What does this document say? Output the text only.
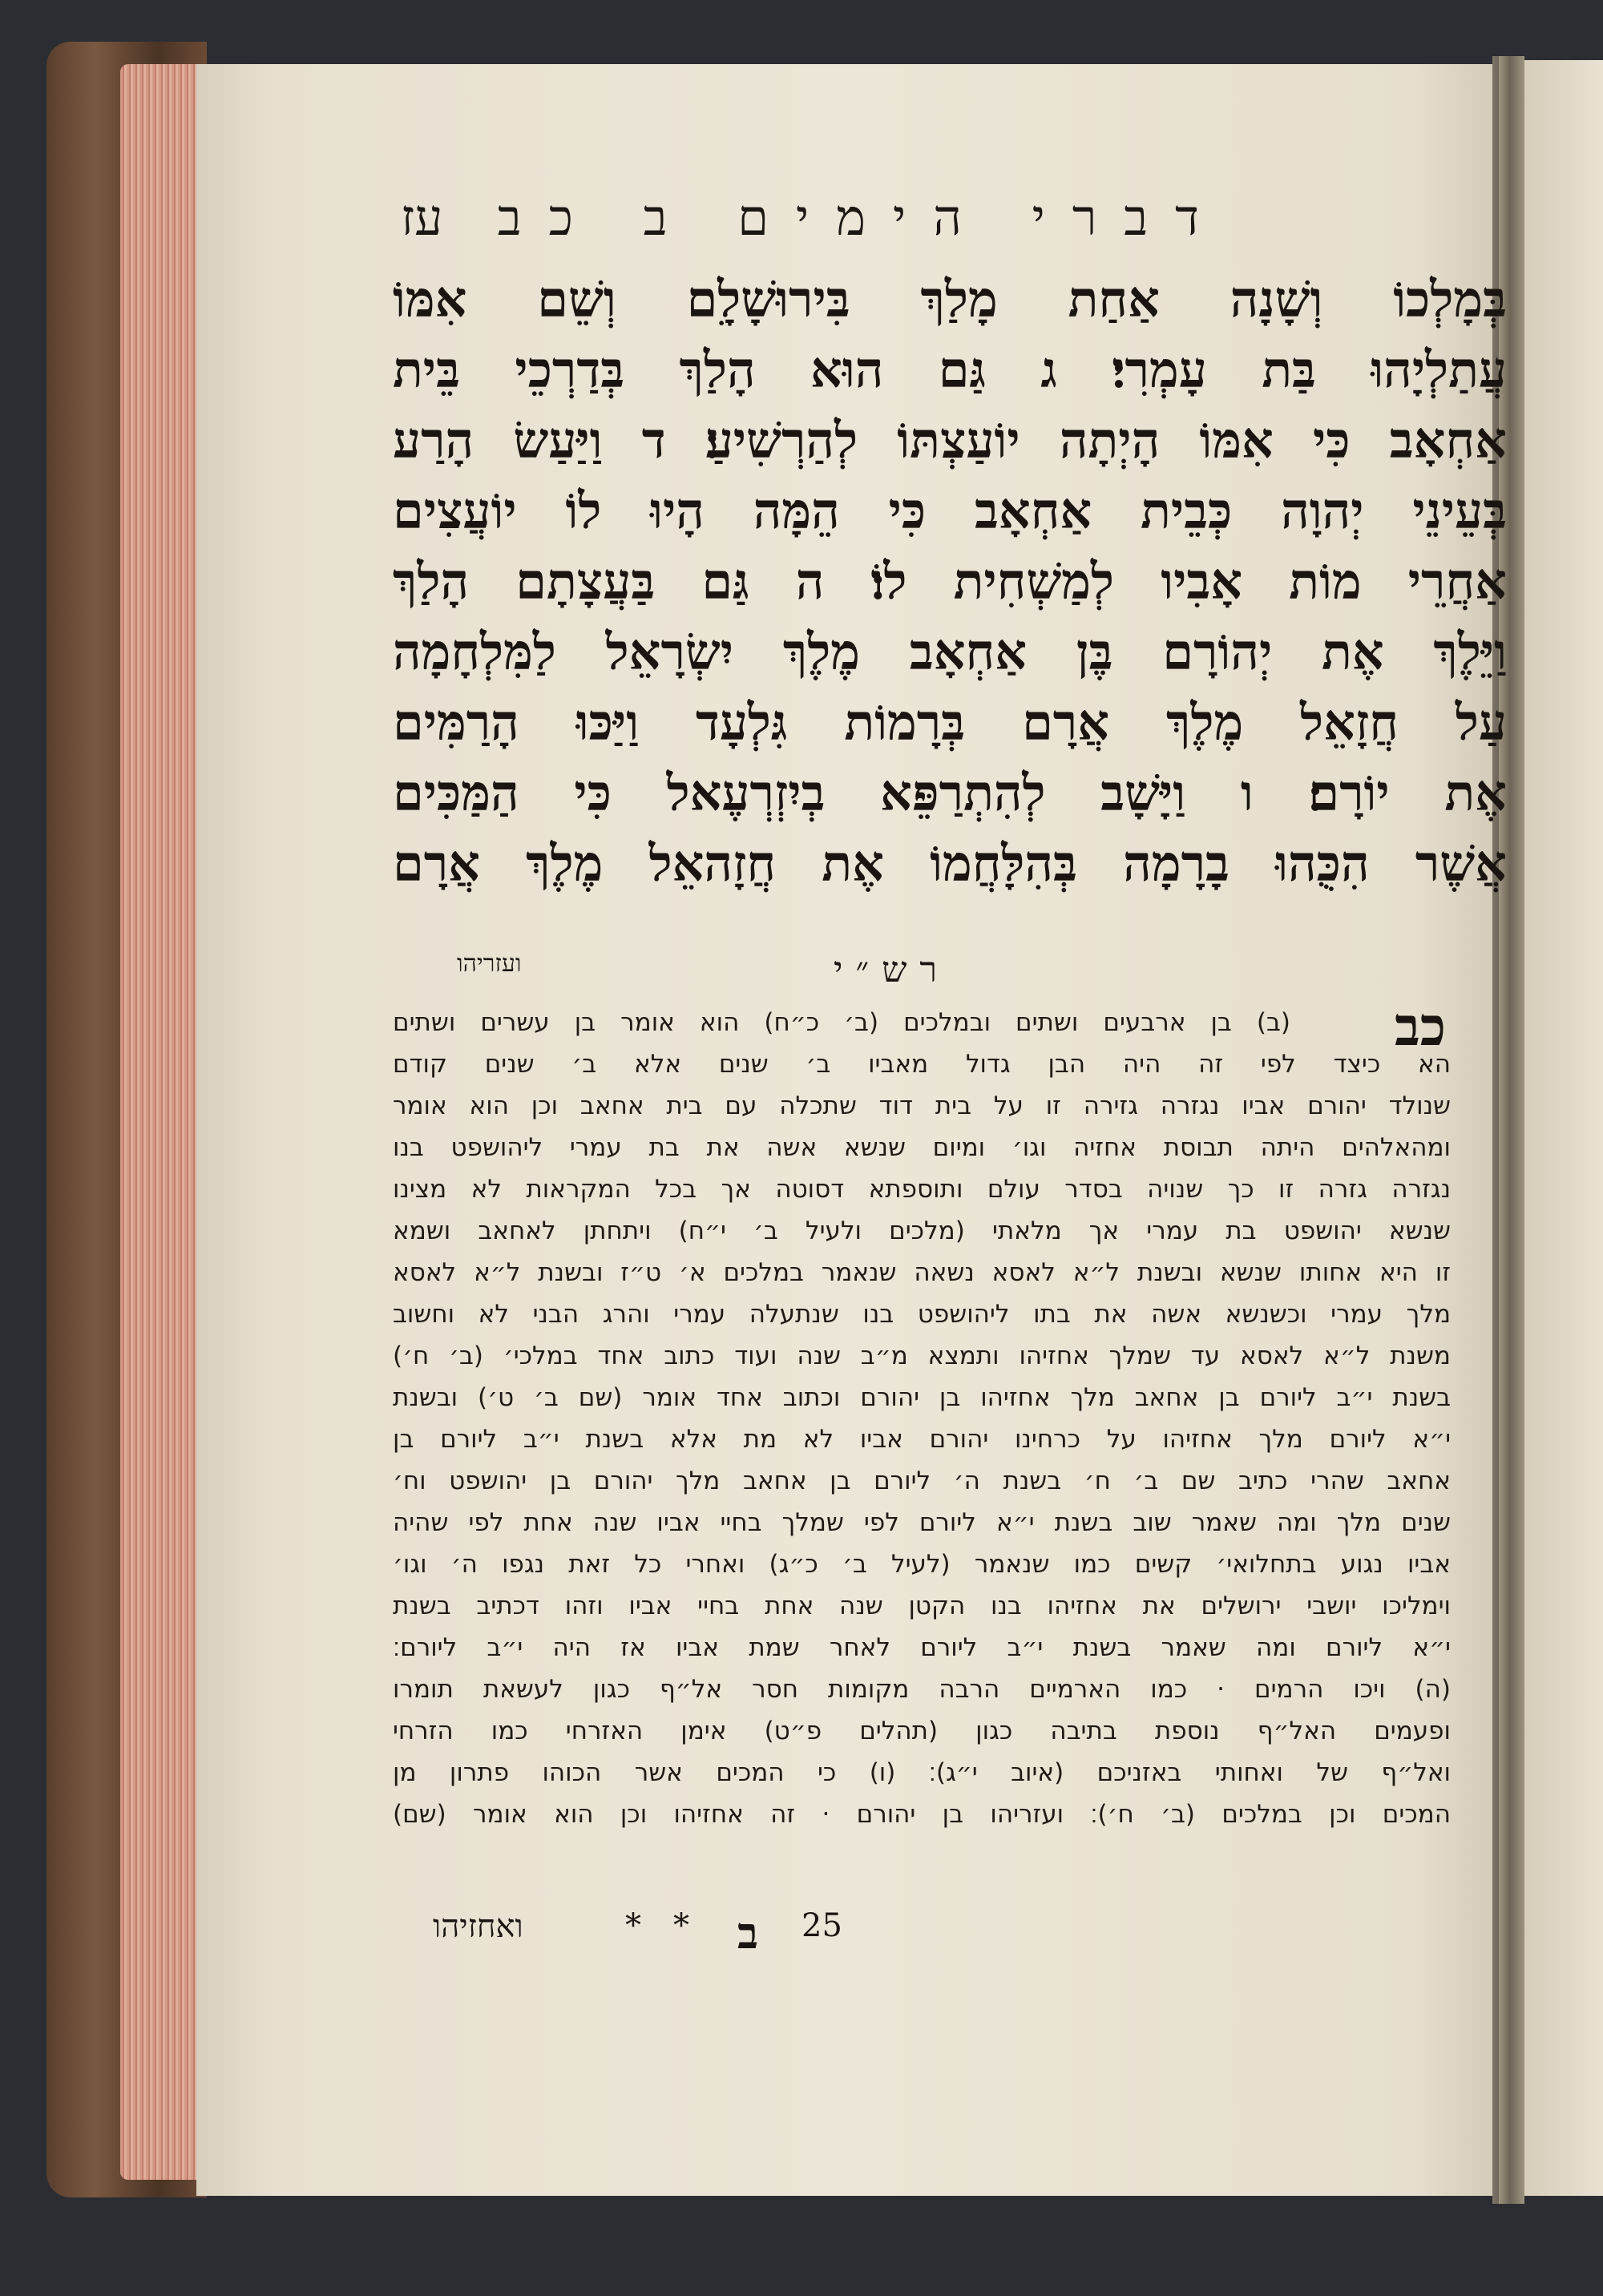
דברי הימים ב כב
עז
בְּמָלְכוֹ וְשָׁנָה אַחַת מָלַךְ בִּירוּשָׁלִָם וְשֵׁם אִמּוֹ
עֲתַלְיָהוּ בַּת עָמְרִי׃ ג גַּם הוּא הָלַךְ בְּדַרְכֵי בֵּית
אַחְאָב כִּי אִמּוֹ הָיְתָה יוֹעַצְתּוֹ לְהַרְשִׁיעַ׃ ד וַיַּעַשׂ הָרַע
בְּעֵינֵי יְהוָה כְּבֵית אַחְאָב כִּי הֵמָּה הָיוּ לוֹ יוֹעֲצִים
אַחֲרֵי מוֹת אָבִיו לְמַשְׁחִית לוֹ׃ ה גַּם בַּעֲצָתָם הָלַךְ
וַיֵּלֶךְ אֶת יְהוֹרָם בֶּן אַחְאָב מֶלֶךְ יִשְׂרָאֵל לַמִּלְחָמָה
עַל חֲזָאֵל מֶלֶךְ אֲרָם בְּרָמוֹת גִּלְעָד וַיַּכּוּ הָרַמִּים
אֶת יוֹרָם׃ ו וַיָּשָׁב לְהִתְרַפֵּא בְיִזְרְעֶאל כִּי הַמַּכִּים
אֲשֶׁר הִכֻּהוּ בָרָמָה בְּהִלָּחֲמוֹ אֶת חֲזָהאֵל מֶלֶךְ אֲרָם
ועזריהו	רש״י
כב
(ב) בן ארבעים ושתים ובמלכים (ב׳ כ״ח) הוא אומר בן עשרים ושתים
הא כיצד לפי זה היה הבן גדול מאביו ב׳ שנים אלא ב׳ שנים קודם
שנולד יהורם אביו נגזרה גזירה זו על בית דוד שתכלה עם בית אחאב וכן הוא אומר
ומהאלהים היתה תבוסת אחזיה וגו׳ ומיום שנשא אשה את בת עמרי ליהושפט בנו
נגזרה גזרה זו כך שנויה בסדר עולם ותוספתא דסוטה אך בכל המקראות לא מצינו
שנשא יהושפט בת עמרי אך מלאתי (מלכים ולעיל ב׳ י״ח) ויתחתן לאחאב ושמא
זו היא אחותו שנשא ובשנת ל״א לאסא נשאה שנאמר במלכים א׳ ט״ז ובשנת ל״א לאסא
מלך עמרי וכשנשא אשה את בתו ליהושפט בנו שנתעלה עמרי והרג הבני לא וחשוב
משנת ל״א לאסא עד שמלך אחזיהו ותמצא מ״ב שנה ועוד כתוב אחד במלכי׳ (ב׳ ח׳)
בשנת י״ב ליורם בן אחאב מלך אחזיהו בן יהורם וכתוב אחד אומר (שם ב׳ ט׳) ובשנת
י״א ליורם מלך אחזיהו על כרחינו יהורם אביו לא מת אלא בשנת י״ב ליורם בן
אחאב שהרי כתיב שם ב׳ ח׳ בשנת ה׳ ליורם בן אחאב מלך יהורם בן יהושפט וח׳
שנים מלך ומה שאמר שוב בשנת י״א ליורם לפי שמלך בחיי אביו שנה אחת לפי שהיה
אביו נגוע בתחלואי׳ קשים כמו שנאמר (לעיל ב׳ כ״ג) ואחרי כל זאת נגפו ה׳ וגו׳
וימליכו יושבי ירושלים את אחזיהו בנו הקטן שנה אחת בחיי אביו וזהו דכתיב בשנת
י״א ליורם ומה שאמר בשנת י״ב ליורם לאחר שמת אביו אז היה י״ב ליורם׃
(ה) ויכו הרמים · כמו הארמיים הרבה מקומות חסר אל״ף כגון לעשאת תומרו
ופעמים האל״ף נוספת בתיבה כגון (תהלים פ״ט) אימן האזרחי כמו הזרחי
ואל״ף של ואחותי באזניכם (איוב י״ג)׃ (ו) כי המכים אשר הכוהו פתרון מן
המכים וכן במלכים (ב׳ ח׳)׃ ועזריהו בן יהורם · זה אחזיהו וכן הוא אומר (שם)
ואחזיהו	* * ב 25
